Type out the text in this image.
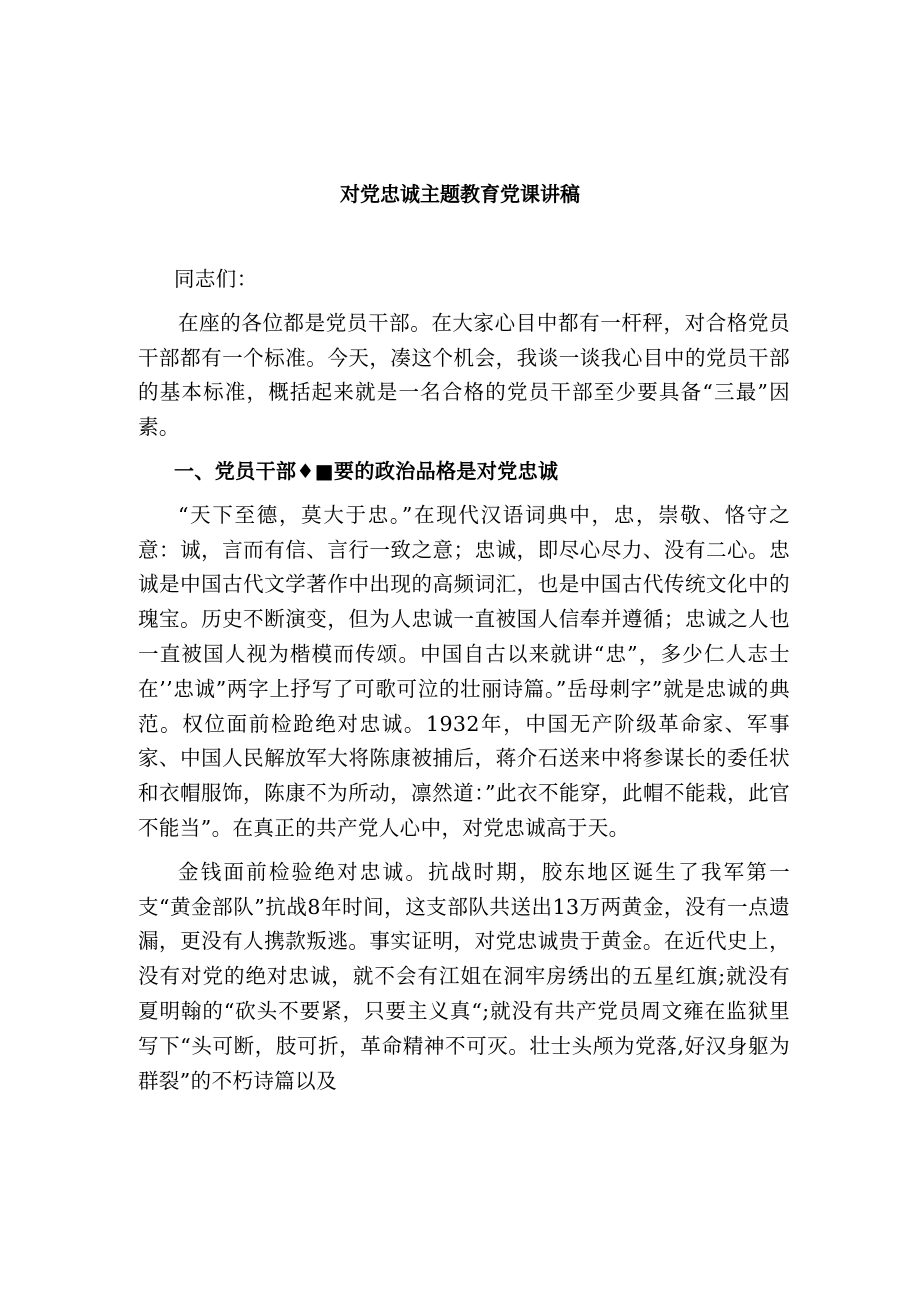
对党忠诚主题教育党课讲稿

同志们：

在座的各位都是党员干部。在大家心目中都有一杆秤，对合格党员干部都有一个标准。今天，凑这个机会，我谈一谈我心目中的党员干部的基本标准，概括起来就是一名合格的党员干部至少要具备“三最”因素。

一、党员干部♦■要的政治品格是对党忠诚

“天下至德，莫大于忠。”在现代汉语词典中，忠，崇敬、恪守之意：诚，言而有信、言行一致之意；忠诚，即尽心尽力、没有二心。忠诚是中国古代文学著作中出现的高频词汇，也是中国古代传统文化中的瑰宝。历史不断演变，但为人忠诚一直被国人信奉并遵循；忠诚之人也一直被国人视为楷模而传颂。中国自古以来就讲“忠”，多少仁人志士在’’忠诚”两字上抒写了可歌可泣的壮丽诗篇。”岳母刺字”就是忠诚的典范。权位面前检跄绝对忠诚。1932年，中国无产阶级革命家、军事家、中国人民解放军大将陈康被捕后，蒋介石送来中将参谋长的委任状和衣帽服饰，陈康不为所动，凛然道：”此衣不能穿，此帽不能栽，此官不能当”。在真正的共产党人心中，对党忠诚高于天。

金钱面前检验绝对忠诚。抗战时期，胶东地区诞生了我军第一支“黄金部队”抗战8年时间，这支部队共送出13万两黄金，没有一点遗漏，更没有人携款叛逃。事实证明，对党忠诚贵于黄金。在近代史上，没有对党的绝对忠诚，就不会有江姐在洞牢房绣出的五星红旗;就没有夏明翰的“砍头不要紧，只要主义真“;就没有共产党员周文雍在监狱里写下“头可断，肢可折，革命精神不可灭。壮士头颅为党落,好汉身躯为群裂”的不朽诗篇以及
